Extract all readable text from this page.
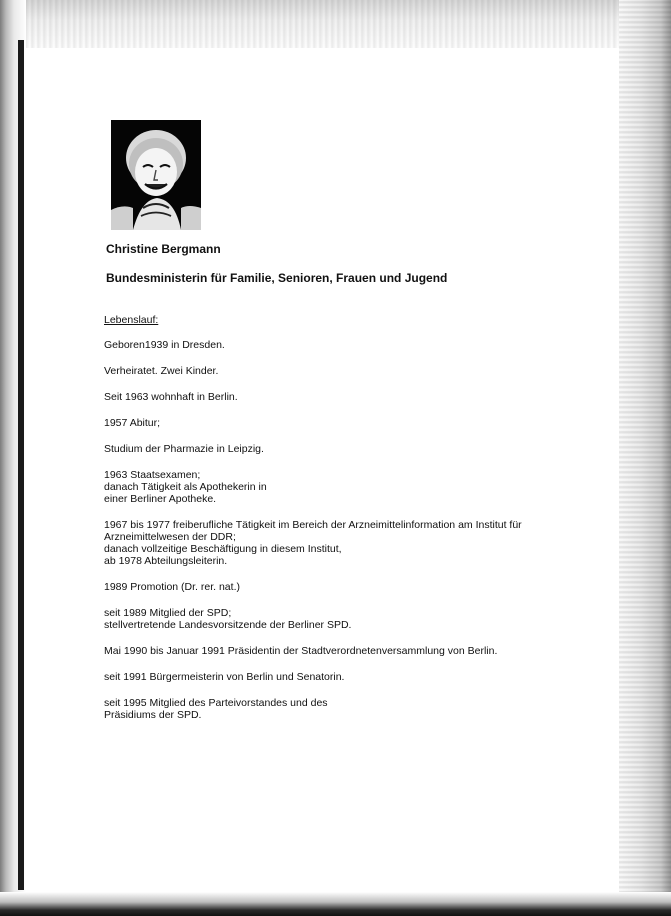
Christine Bergmann

Bundesministerin für Familie, Senioren, Frauen und Jugend

Lebenslauf:

Geboren1939 in Dresden.

Verheiratet. Zwei Kinder.

Seit 1963 wohnhaft in Berlin.

1957 Abitur;

Studium der Pharmazie in Leipzig.

1963 Staatsexamen;
danach Tätigkeit als Apothekerin in
einer Berliner Apotheke.

1967 bis 1977 freiberufliche Tätigkeit im Bereich der Arzneimittelinformation am Institut für
Arzneimittelwesen der DDR;
danach vollzeitige Beschäftigung in diesem Institut,
ab 1978 Abteilungsleiterin.

1989 Promotion (Dr. rer. nat.)

seit 1989 Mitglied der SPD;
stellvertretende Landesvorsitzende der Berliner SPD.

Mai 1990 bis Januar 1991 Präsidentin der Stadtverordnetenversammlung von Berlin.

seit 1991 Bürgermeisterin von Berlin und Senatorin.

seit 1995 Mitglied des Parteivorstandes und des
Präsidiums der SPD.
